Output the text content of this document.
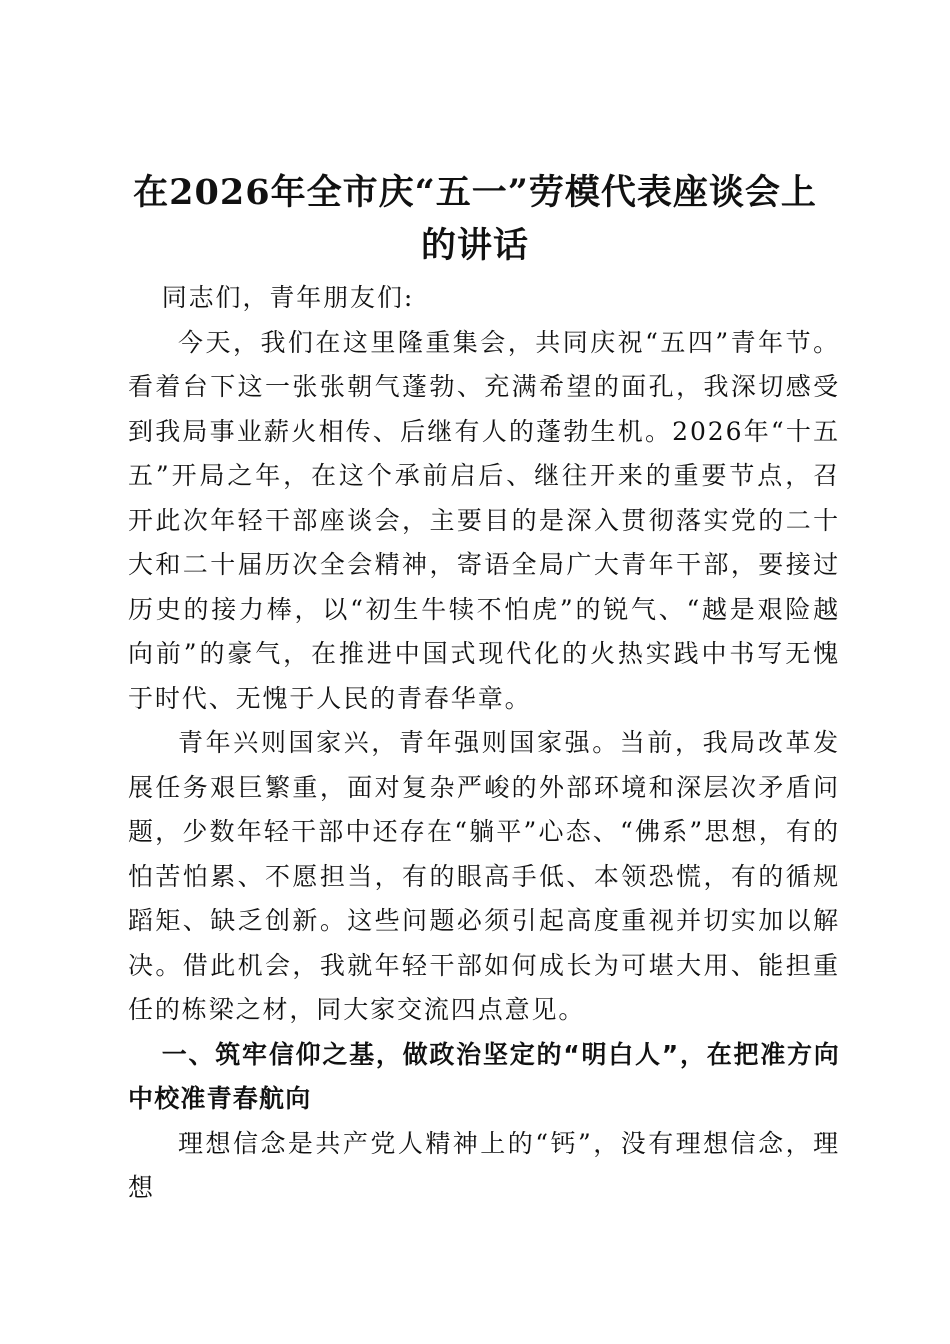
在2026年全市庆“五一”劳模代表座谈会上
的讲话

同志们，青年朋友们:

今天，我们在这里隆重集会，共同庆祝“五四”青年节。看着台下这一张张朝气蓬勃、充满希望的面孔，我深切感受到我局事业薪火相传、后继有人的蓬勃生机。2026年“十五五”开局之年，在这个承前启后、继往开来的重要节点，召开此次年轻干部座谈会，主要目的是深入贯彻落实党的二十大和二十届历次全会精神，寄语全局广大青年干部，要接过历史的接力棒，以“初生牛犊不怕虎”的锐气、“越是艰险越向前”的豪气，在推进中国式现代化的火热实践中书写无愧于时代、无愧于人民的青春华章。

青年兴则国家兴，青年强则国家强。当前，我局改革发展任务艰巨繁重，面对复杂严峻的外部环境和深层次矛盾问题，少数年轻干部中还存在“躺平”心态、“佛系”思想，有的怕苦怕累、不愿担当，有的眼高手低、本领恐慌，有的循规蹈矩、缺乏创新。这些问题必须引起高度重视并切实加以解决。借此机会，我就年轻干部如何成长为可堪大用、能担重任的栋梁之材，同大家交流四点意见。

一、筑牢信仰之基，做政治坚定的“明白人”，在把准方向中校准青春航向

理想信念是共产党人精神上的“钙”，没有理想信念，理想
